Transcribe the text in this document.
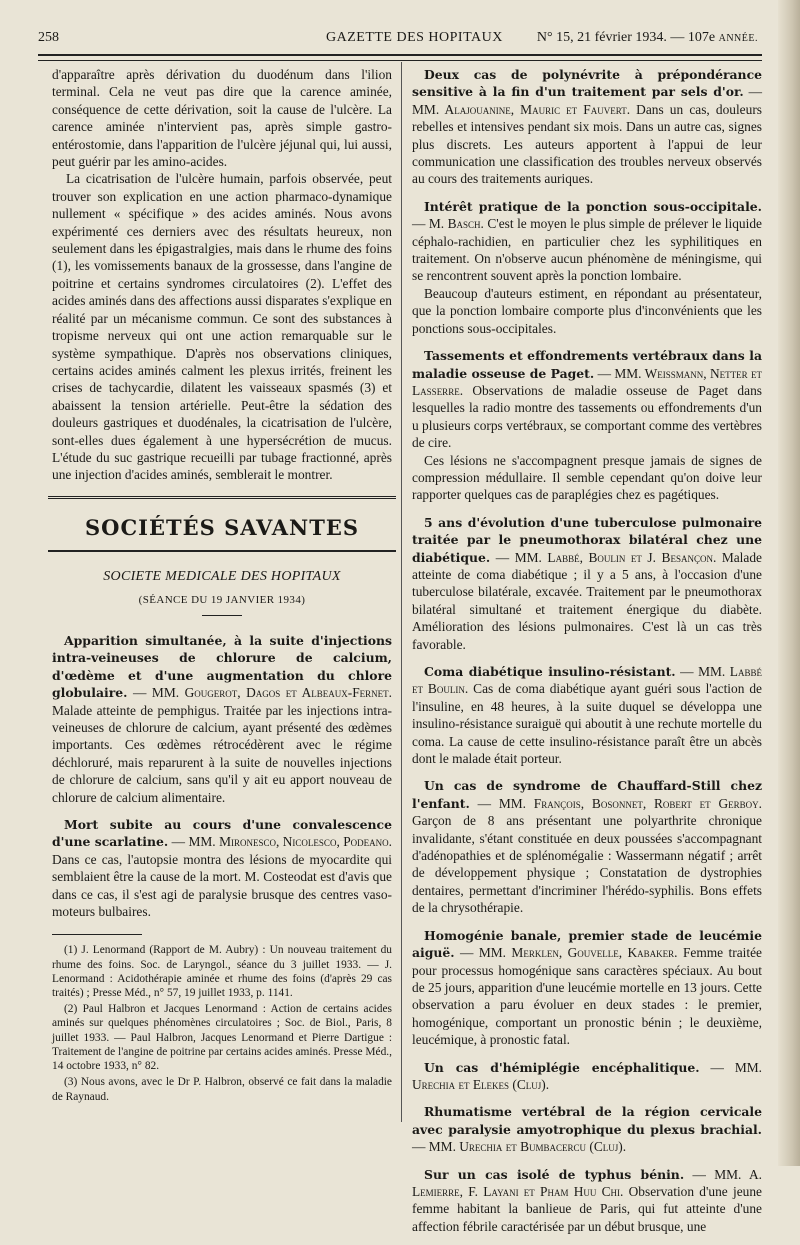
258	GAZETTE DES HOPITAUX N° 15, 21 février 1934. — 107e ANNÉE.

d'apparaître après dérivation du duodénum dans l'ilion terminal. Cela ne veut pas dire que la carence aminée, conséquence de cette dérivation, soit la cause de l'ulcère. La carence aminée n'intervient pas, après simple gastro-entérostomie, dans l'apparition de l'ulcère jéjunal qui, lui aussi, peut guérir par les amino-acides.

La cicatrisation de l'ulcère humain, parfois observée, peut trouver son explication en une action pharmaco-dynamique nullement « spécifique » des acides aminés. Nous avons expérimenté ces derniers avec des résultats heureux, non seulement dans les épigastralgies, mais dans le rhume des foins (1), les vomissements banaux de la grossesse, dans l'angine de poitrine et certains syndromes circulatoires (2). L'effet des acides aminés dans des affections aussi disparates s'explique en réalité par un mécanisme commun. Ce sont des substances à tropisme nerveux qui ont une action remarquable sur le système sympathique. D'après nos observations cliniques, certains acides aminés calment les plexus irrités, freinent les crises de tachycardie, dilatent les vaisseaux spasmés (3) et abaissent la tension artérielle. Peut-être la sédation des douleurs gastriques et duodénales, la cicatrisation de l'ulcère, sont-elles dues également à une hypersécrétion de mucus. L'étude du suc gastrique recueilli par tubage fractionné, après une injection d'acides aminés, semblerait le montrer.

SOCIÉTÉS SAVANTES
SOCIETE MEDICALE DES HOPITAUX
(SÉANCE DU 19 JANVIER 1934)
Apparition simultanée, à la suite d'injections intra-veineuses de chlorure de calcium, d'œdème et d'une augmentation du chlore globulaire. — MM. Gougerot, Dagos et Albeaux-Fernet. Malade atteinte de pemphigus. Traitée par les injections intra-veineuses de chlorure de calcium, ayant présenté des œdèmes importants. Ces œdèmes rétrocédèrent avec le régime déchloruré, mais reparurent à la suite de nouvelles injections de chlorure de calcium, sans qu'il y ait eu apport nouveau de chlorure de calcium alimentaire.
Mort subite au cours d'une convalescence d'une scarlatine. — MM. Mironesco, Nicolesco, Podeano. Dans ce cas, l'autopsie montra des lésions de myocardite qui semblaient être la cause de la mort. M. Costeodat est d'avis que dans ce cas, il s'est agi de paralysie brusque des centres vaso-moteurs bulbaires.

(1) J. Lenormand (Rapport de M. Aubry) : Un nouveau traitement du rhume des foins. Soc. de Laryngol., séance du 3 juillet 1933. — J. Lenormand : Acidothérapie aminée et rhume des foins (d'après 29 cas traités) ; Presse Méd., n° 57, 19 juillet 1933, p. 1141.

(2) Paul Halbron et Jacques Lenormand : Action de certains acides aminés sur quelques phénomènes circulatoires ; Soc. de Biol., Paris, 8 juillet 1933. — Paul Halbron, Jacques Lenormand et Pierre Dartigue : Traitement de l'angine de poitrine par certains acides aminés. Presse Méd., 14 octobre 1933, n° 82.

(3) Nous avons, avec le Dr P. Halbron, observé ce fait dans la maladie de Raynaud.

Deux cas de polynévrite à prépondérance sensitive à la fin d'un traitement par sels d'or. — MM. Alajouanine, Mauric et Fauvert. Dans un cas, douleurs rebelles et intensives pendant six mois. Dans un autre cas, signes plus discrets. Les auteurs apportent à l'appui de leur communication une classification des troubles nerveux observés au cours des traitements auriques.
Intérêt pratique de la ponction sous-occipitale. — M. Basch. C'est le moyen le plus simple de prélever le liquide céphalo-rachidien, en particulier chez les syphilitiques en traitement. On n'observe aucun phénomène de méningisme, qui se rencontrent souvent après la ponction lombaire.

Beaucoup d'auteurs estiment, en répondant au présentateur, que la ponction lombaire comporte plus d'inconvénients que les ponctions sous-occipitales.

Tassements et effondrements vertébraux dans la maladie osseuse de Paget. — MM. Weissmann, Netter et Lasserre. Observations de maladie osseuse de Paget dans lesquelles la radio montre des tassements ou effondrements d'un u plusieurs corps vertébraux, se comportant comme des vertèbres de cire.

Ces lésions ne s'accompagnent presque jamais de signes de compression médullaire. Il semble cependant qu'on doive leur rapporter quelques cas de paraplégies chez es pagétiques.

5 ans d'évolution d'une tuberculose pulmonaire traitée par le pneumothorax bilatéral chez une diabétique. — MM. Labbé, Boulin et J. Besançon. Malade atteinte de coma diabétique ; il y a 5 ans, à l'occasion d'une tuberculose bilatérale, excavée. Traitement par le pneumothorax bilatéral simultané et traitement énergique du diabète. Amélioration des lésions pulmonaires. C'est là un cas très favorable.
Coma diabétique insulino-résistant. — MM. Labbé et Boulin. Cas de coma diabétique ayant guéri sous l'action de l'insuline, en 48 heures, à la suite duquel se développa une insulino-résistance suraiguë qui aboutit à une rechute mortelle du coma. La cause de cette insulino-résistance paraît être un abcès dont le malade était porteur.
Un cas de syndrome de Chauffard-Still chez l'enfant. — MM. François, Bosonnet, Robert et Gerboy. Garçon de 8 ans présentant une polyarthrite chronique invalidante, s'étant constituée en deux poussées s'accompagnant d'adénopathies et de splénomégalie : Wassermann négatif ; arrêt de développement physique ; Constatation de dystrophies dentaires, permettant d'incriminer l'hérédo-syphilis. Bons effets de la chrysothérapie.
Homogénie banale, premier stade de leucémie aiguë. — MM. Merklen, Gouvelle, Kabaker. Femme traitée pour processus homogénique sans caractères spéciaux. Au bout de 25 jours, apparition d'une leucémie mortelle en 13 jours. Cette observation a paru évoluer en deux stades : le premier, homogénique, comportant un pronostic bénin ; le deuxième, leucémique, à pronostic fatal.
Un cas d'hémiplégie encéphalitique. — MM. Urechia et Elekes (Cluj).
Rhumatisme vertébral de la région cervicale avec paralysie amyotrophique du plexus brachial. — MM. Urechia et Bumbacercu (Cluj).
Sur un cas isolé de typhus bénin. — MM. A. Lemierre, F. Layani et Pham Huu Chi. Observation d'une jeune femme habitant la banlieue de Paris, qui fut atteinte d'une affection fébrile caractérisée par un début brusque, une
